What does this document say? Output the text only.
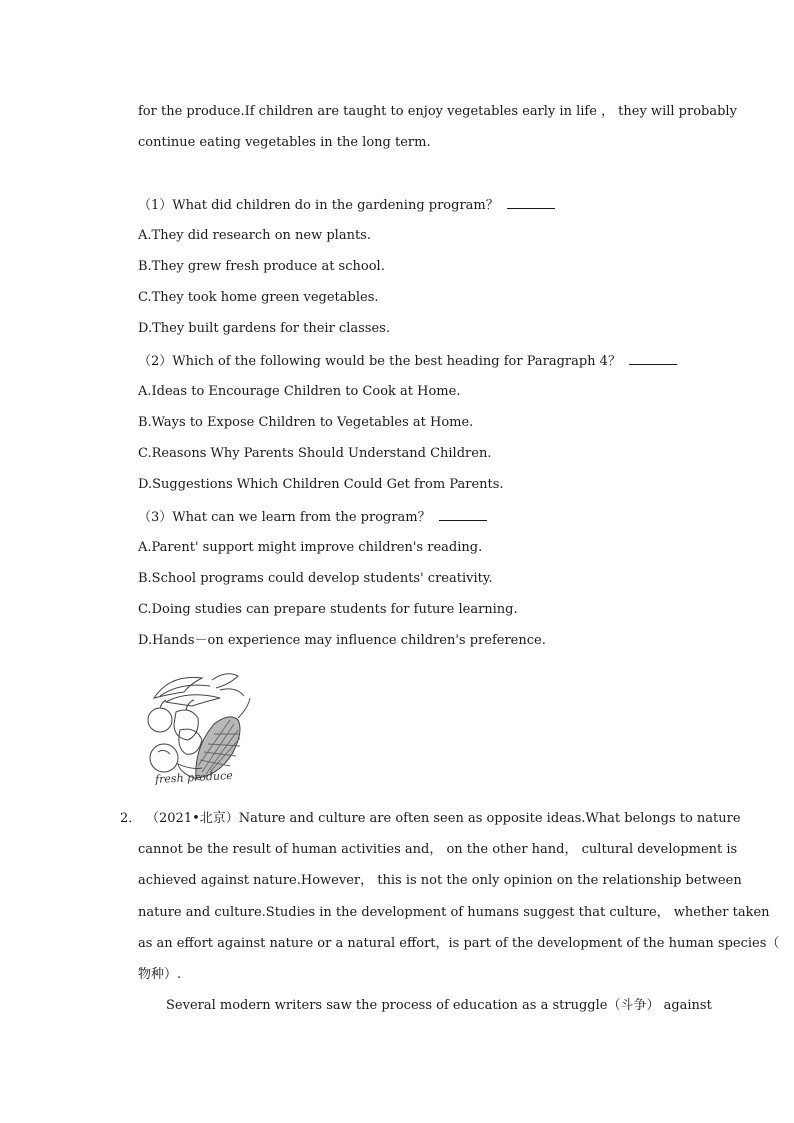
for the produce.If children are taught to enjoy vegetables early in life ， they will probably
continue eating vegetables in the long term.
（1）What did children do in the gardening program？
A.They did research on new plants.
B.They grew fresh produce at school.
C.They took home green vegetables.
D.They built gardens for their classes.
（2）Which of the following would be the best heading for Paragraph 4？
A.Ideas to Encourage Children to Cook at Home.
B.Ways to Expose Children to Vegetables at Home.
C.Reasons Why Parents Should Understand Children.
D.Suggestions Which Children Could Get from Parents.
（3）What can we learn from the program？
A.Parent' support might improve children's reading.
B.School programs could develop students' creativity.
C.Doing studies can prepare students for future learning.
D.Hands－on experience may influence children's preference.
fresh produce
2． （2021•北京）Nature and culture are often seen as opposite ideas.What belongs to nature
cannot be the result of human activities and， on the other hand， cultural development is
achieved against nature.However， this is not the only opinion on the relationship between
nature and culture.Studies in the development of humans suggest that culture， whether taken
as an effort against nature or a natural effort，is part of the development of the human species（
物种）.
Several modern writers saw the process of education as a struggle（斗争） against
